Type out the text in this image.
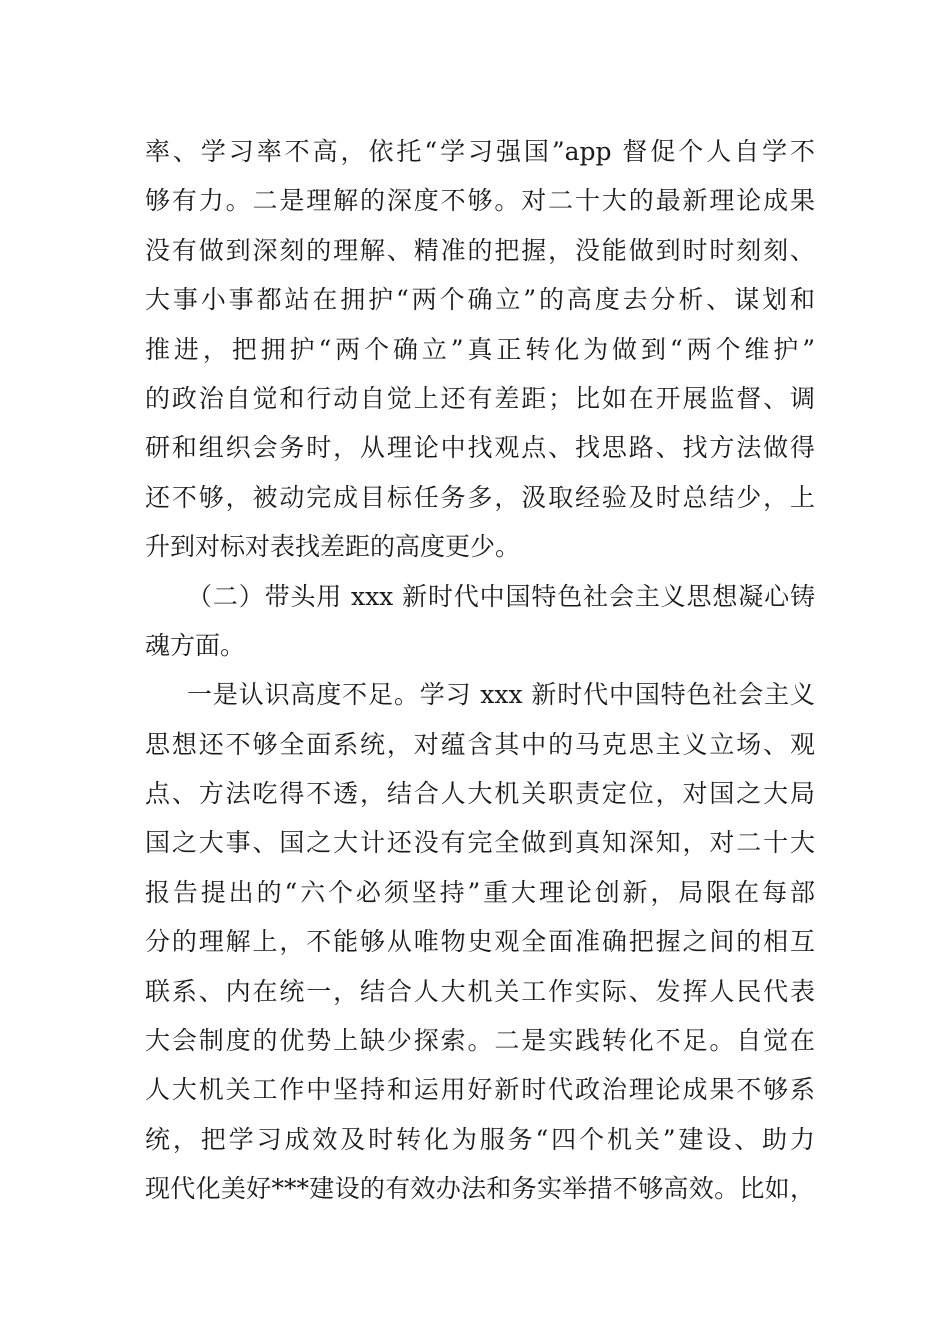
率、学习率不高，依托“学习强国”app 督促个人自学不
够有力。二是理解的深度不够。对二十大的最新理论成果
没有做到深刻的理解、精准的把握，没能做到时时刻刻、
大事小事都站在拥护“两个确立”的高度去分析、谋划和
推进，把拥护“两个确立”真正转化为做到“两个维护”
的政治自觉和行动自觉上还有差距；比如在开展监督、调
研和组织会务时，从理论中找观点、找思路、找方法做得
还不够，被动完成目标任务多，汲取经验及时总结少，上
升到对标对表找差距的高度更少。
（二）带头用 xxx 新时代中国特色社会主义思想凝心铸
魂方面。
一是认识高度不足。学习 xxx 新时代中国特色社会主义
思想还不够全面系统，对蕴含其中的马克思主义立场、观
点、方法吃得不透，结合人大机关职责定位，对国之大局
国之大事、国之大计还没有完全做到真知深知，对二十大
报告提出的“六个必须坚持”重大理论创新，局限在每部
分的理解上，不能够从唯物史观全面准确把握之间的相互
联系、内在统一，结合人大机关工作实际、发挥人民代表
大会制度的优势上缺少探索。二是实践转化不足。自觉在
人大机关工作中坚持和运用好新时代政治理论成果不够系
统，把学习成效及时转化为服务“四个机关”建设、助力
现代化美好***建设的有效办法和务实举措不够高效。比如，
